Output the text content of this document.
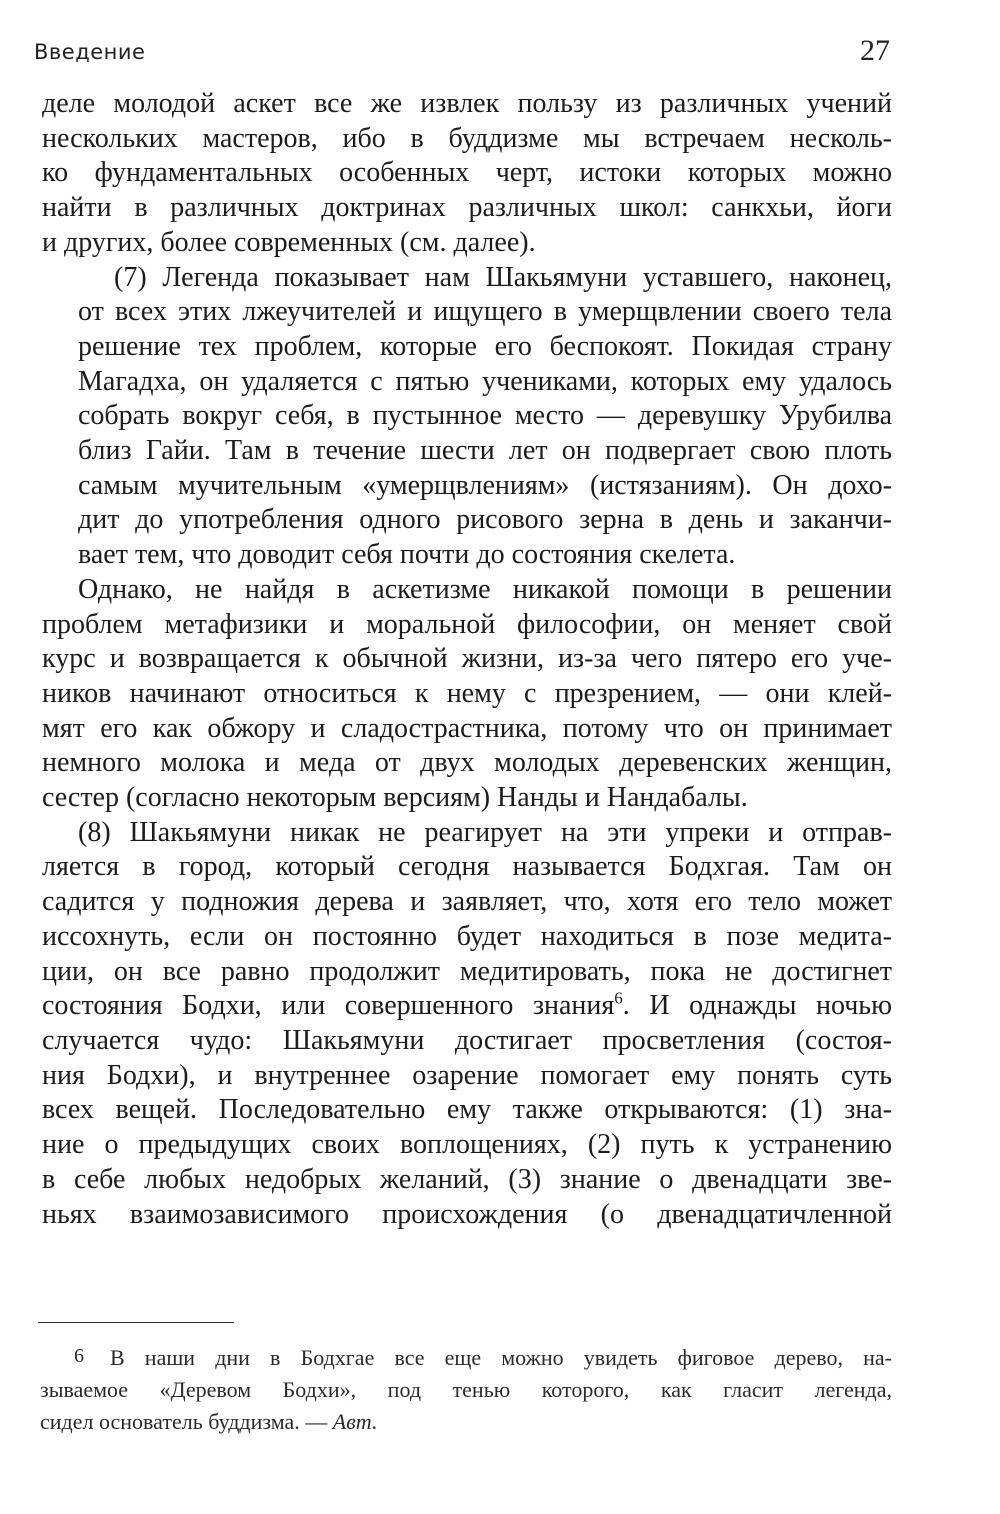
Введение	27

деле молодой аскет все же извлек пользу из различных учений
нескольких мастеров, ибо в буддизме мы встречаем несколь-
ко фундаментальных особенных черт, истоки которых можно
найти в различных доктринах различных школ: санкхьи, йоги
и других, более современных (см. далее).

(7) Легенда показывает нам Шакьямуни уставшего, наконец,
от всех этих лжеучителей и ищущего в умерщвлении своего тела
решение тех проблем, которые его беспокоят. Покидая страну
Магадха, он удаляется с пятью учениками, которых ему удалось
собрать вокруг себя, в пустынное место — деревушку Урубилва
близ Гайи. Там в течение шести лет он подвергает свою плоть
самым мучительным «умерщвлениям» (истязаниям). Он дохо-
дит до употребления одного рисового зерна в день и заканчи-
вает тем, что доводит себя почти до состояния скелета.

Однако, не найдя в аскетизме никакой помощи в решении
проблем метафизики и моральной философии, он меняет свой
курс и возвращается к обычной жизни, из-за чего пятеро его уче-
ников начинают относиться к нему с презрением, — они клей-
мят его как обжору и сладострастника, потому что он принимает
немного молока и меда от двух молодых деревенских женщин,
сестер (согласно некоторым версиям) Нанды и Нандабалы.

(8) Шакьямуни никак не реагирует на эти упреки и отправ-
ляется в город, который сегодня называется Бодхгая. Там он
садится у подножия дерева и заявляет, что, хотя его тело может
иссохнуть, если он постоянно будет находиться в позе медита-
ции, он все равно продолжит медитировать, пока не достигнет
состояния Бодхи, или совершенного знания$^6$. И однажды ночью
случается чудо: Шакьямуни достигает просветления (состоя-
ния Бодхи), и внутреннее озарение помогает ему понять суть
всех вещей. Последовательно ему также открываются: (1) зна-
ние о предыдущих своих воплощениях, (2) путь к устранению
в себе любых недобрых желаний, (3) знание о двенадцати зве-
ньях взаимозависимого происхождения (о двенадцатичленной

6 В наши дни в Бодхгае все еще можно увидеть фиговое дерево, на-
зываемое «Деревом Бодхи», под тенью которого, как гласит легенда,
сидел основатель буддизма. — Авт.
